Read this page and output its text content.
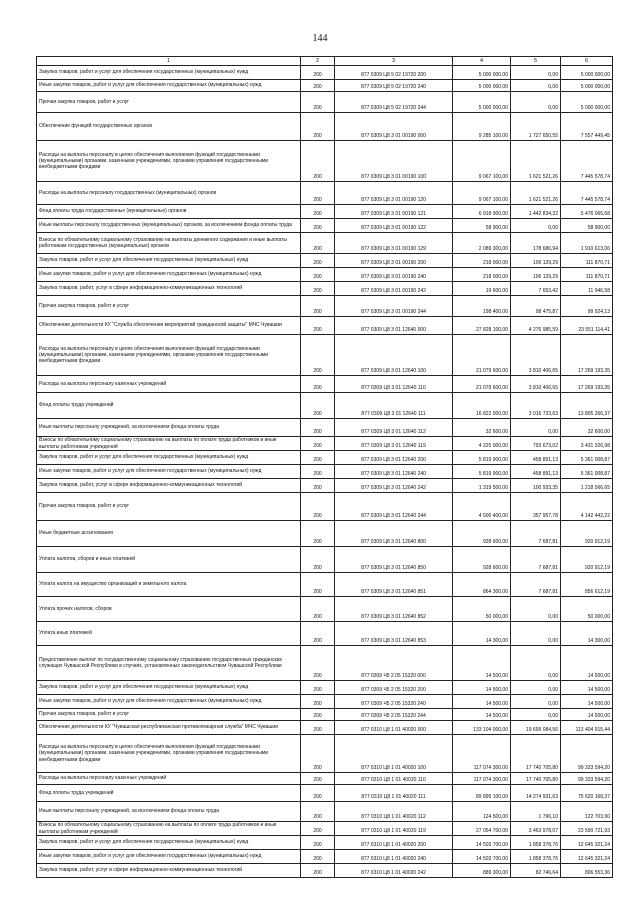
144
1	2	3	4	5	6
Закупка товаров, работ и услуг для обеспечения государственных (муниципальных) нужд	200	877 0309 Ц8 5 02 19720 200	5 000 000,00	0,00	5 000 000,00
Иные закупки товаров, работ и услуг для обеспечения государственных (муниципальных) нужд	200	877 0309 Ц8 5 02 19720 240	5 000 000,00	0,00	5 000 000,00
Прочая закупка товаров, работ и услуг	200	877 0309 Ц8 5 02 19720 244	5 000 000,00	0,00	5 000 000,00
Обеспечение функций государственных органов	200	877 0309 Ц8 3 01 00190 000	9 285 100,00	1 727 650,55	7 557 449,45
Расходы на выплаты персоналу в целях обеспечения выполнения функций государственными (муниципальными) органами, казенными учреждениями, органами управления государственными внебюджетными фондами	200	877 0309 Ц8 3 01 00190 100	9 067 100,00	1 621 521,26	7 445 578,74
Расходы на выплаты персоналу государственных (муниципальных) органов	200	877 0309 Ц8 3 01 00190 120	9 067 100,00	1 621 521,26	7 445 578,74
Фонд оплаты труда государственных (муниципальных) органов	200	877 0309 Ц8 3 01 00190 121	6 918 900,00	1 442 834,32	5 476 065,68
Иные выплаты персоналу государственных (муниципальных) органов, за исключением фонда оплаты труда	200	877 0309 Ц8 3 01 00190 122	58 900,00	0,00	58 900,00
Взносы по обязательному социальному страхованию на выплаты денежного содержания и иные выплаты работникам государственных (муниципальных) органов	200	877 0309 Ц8 3 01 00190 129	2 089 300,00	178 686,94	1 910 613,06
Закупка товаров, работ и услуг для обеспечения государственных (муниципальных) нужд	200	877 0309 Ц8 3 01 00190 200	218 000,00	106 129,29	111 870,71
Иные закупки товаров, работ и услуг для обеспечения государственных (муниципальных) нужд	200	877 0309 Ц8 3 01 00190 240	218 000,00	106 129,29	111 870,71
Закупка товаров, работ, услуг в сфере информационно-коммуникационных технологий	200	877 0309 Ц8 3 01 00190 242	19 600,00	7 653,42	11 946,58
Прочая закупка товаров, работ и услуг	200	877 0309 Ц8 3 01 00190 244	198 400,00	98 475,87	99 924,13
Обеспечение деятельности КУ "Служба обеспечения мероприятий гражданской защиты" МЧС Чувашии	200	877 0309 Ц8 3 01 12640 000	27 828 100,00	4 276 985,59	23 551 114,41
Расходы на выплаты персоналу в целях обеспечения выполнения функций государственными (муниципальными) органами, казенными учреждениями, органами управления государственными внебюджетными фондами	200	877 0309 Ц8 3 01 12640 100	21 079 600,00	3 810 406,65	17 269 193,35
Расходы на выплаты персоналу казенных учреждений	200	877 0309 Ц8 3 01 12640 110	21 079 600,00	3 810 406,65	17 269 193,35
Фонд оплаты труда учреждений	200	877 0309 Ц8 3 01 12640 111	16 822 000,00	3 016 733,63	13 805 266,37
Иные выплаты персоналу учреждений, за исключением фонда оплаты труда	200	877 0309 Ц8 3 01 12640 112	32 600,00	0,00	32 600,00
Взносы по обязательному социальному страхованию на выплаты по оплате труда работников и иные выплаты работникам учреждений	200	877 0309 Ц8 3 01 12640 119	4 225 000,00	793 673,02	3 431 326,98
Закупка товаров, работ и услуг для обеспечения государственных (муниципальных) нужд	200	877 0309 Ц8 3 01 12640 200	5 819 900,00	458 891,13	5 361 008,87
Иные закупки товаров, работ и услуг для обеспечения государственных (муниципальных) нужд	200	877 0309 Ц8 3 01 12640 240	5 819 900,00	458 891,13	5 361 008,87
Закупка товаров, работ, услуг в сфере информационно-коммуникационных технологий	200	877 0309 Ц8 3 01 12640 242	1 319 500,00	100 933,35	1 218 566,65
Прочая закупка товаров, работ и услуг	200	877 0309 Ц8 3 01 12640 244	4 500 400,00	357 957,78	4 142 442,22
Иные бюджетные ассигнования	200	877 0309 Ц8 3 01 12640 800	928 600,00	7 687,81	920 912,19
Уплата налогов, сборов и иных платежей	200	877 0309 Ц8 3 01 12640 850	928 600,00	7 687,81	920 912,19
Уплата налога на имущество организаций и земельного налога	200	877 0309 Ц8 3 01 12640 851	864 300,00	7 687,81	856 612,19
Уплата прочих налогов, сборов	200	877 0309 Ц8 3 01 12640 852	50 000,00	0,00	50 000,00
Уплата иных платежей	200	877 0309 Ц8 3 01 12640 853	14 300,00	0,00	14 300,00
Предоставление выплат по государственному социальному страхованию государственных гражданских служащих Чувашской Республики в случаях, установленных законодательством Чувашской Республики	200	877 0309 Ч5 2 05 15320 000	14 500,00	0,00	14 500,00
Закупка товаров, работ и услуг для обеспечения государственных (муниципальных) нужд	200	877 0309 Ч5 2 05 15320 200	14 500,00	0,00	14 500,00
Иные закупки товаров, работ и услуг для обеспечения государственных (муниципальных) нужд	200	877 0309 Ч5 2 05 15320 240	14 500,00	0,00	14 500,00
Прочая закупка товаров, работ и услуг	200	877 0309 Ч5 2 05 15320 244	14 500,00	0,00	14 500,00
Обеспечение деятельности КУ "Чувашская республиканская противопожарная служба" МЧС Чувашии	200	877 0310 Ц8 1 01 40020 000	133 104 000,00	19 699 084,56	113 404 915,44
Расходы на выплаты персоналу в целях обеспечения выполнения функций государственными (муниципальными) органами, казенными учреждениями, органами управления государственными внебюджетными фондами	200	877 0310 Ц8 1 01 40020 100	117 074 300,00	17 740 705,80	99 333 594,20
Расходы на выплаты персоналу казенных учреждений	200	877 0310 Ц8 1 01 40020 110	117 074 300,00	17 740 705,80	99 333 594,20
Фонд оплаты труда учреждений	200	877 0310 Ц8 1 01 40020 111	89 895 100,00	14 274 931,63	75 620 168,37
Иные выплаты персоналу учреждений, за исключением фонда оплаты труда	200	877 0310 Ц8 1 01 40020 112	124 500,00	1 796,10	122 703,90
Взносы по обязательному социальному страхованию на выплаты по оплате труда работников и иные выплаты работникам учреждений	200	877 0310 Ц8 1 01 40020 119	27 054 700,00	3 463 978,07	23 590 721,93
Закупка товаров, работ и услуг для обеспечения государственных (муниципальных) нужд	200	877 0310 Ц8 1 01 40020 200	14 503 700,00	1 858 378,76	12 645 321,24
Иные закупки товаров, работ и услуг для обеспечения государственных (муниципальных) нужд	200	877 0310 Ц8 1 01 40020 240	14 503 700,00	1 858 378,76	12 645 321,24
Закупка товаров, работ, услуг в сфере информационно-коммуникационных технологий	200	877 0310 Ц8 1 01 40020 242	889 300,00	82 746,64	806 553,36
